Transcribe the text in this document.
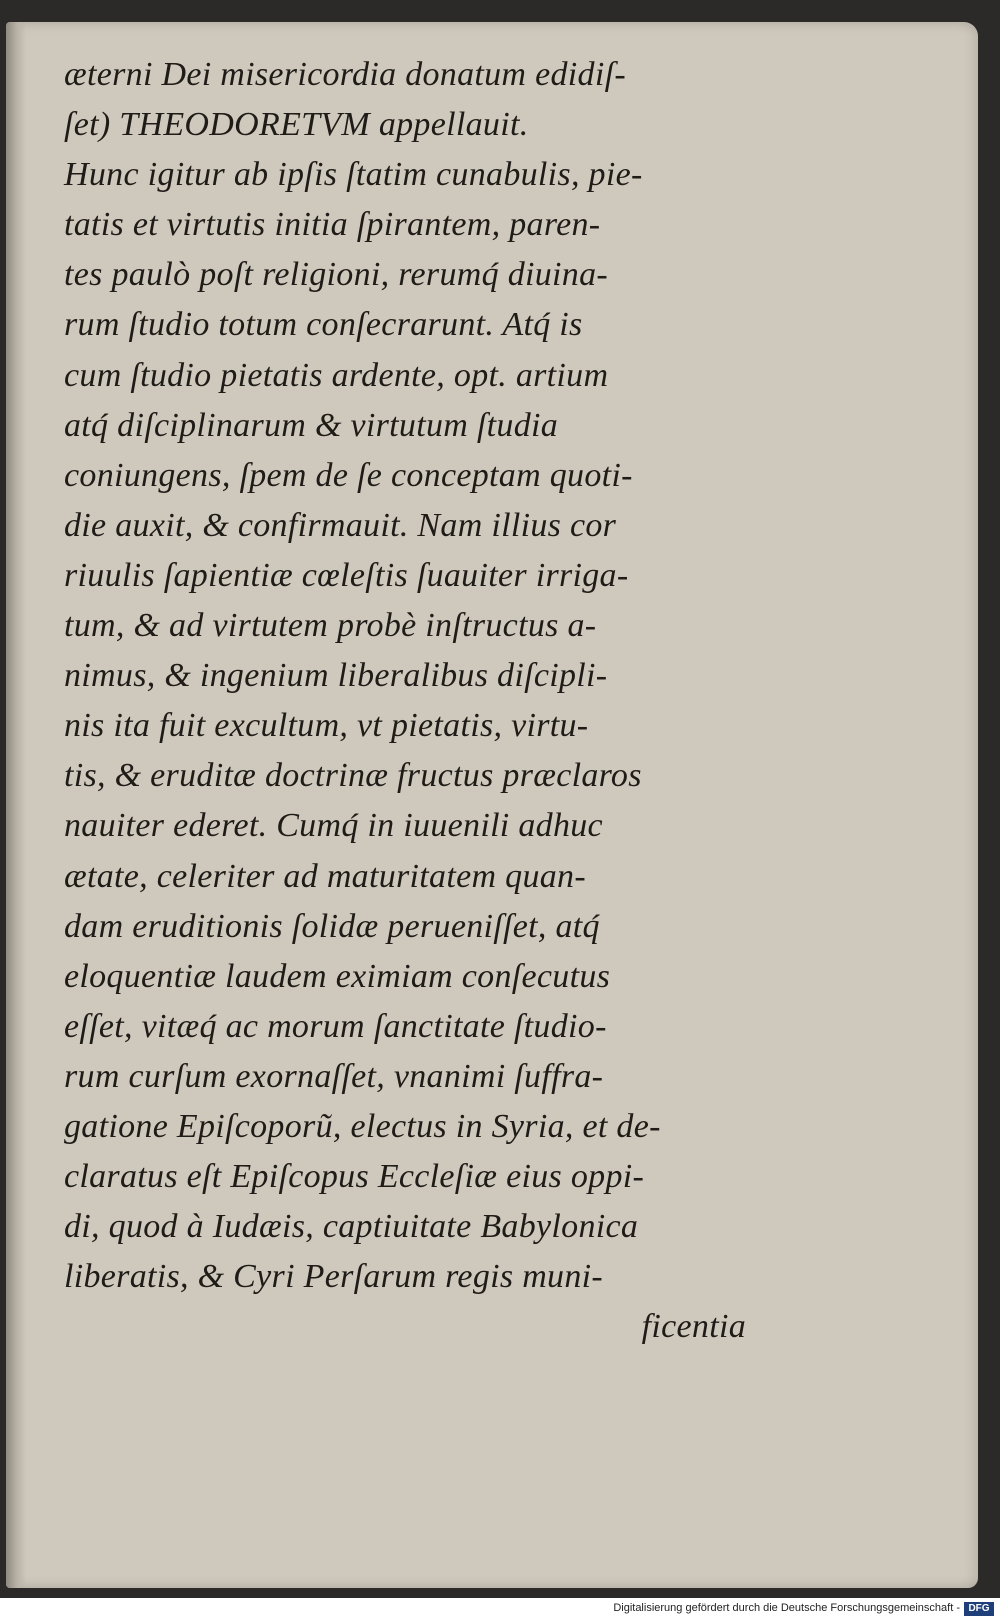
æterni Dei misericordia donatum edidiſ-
ſet) THEODORETVM appellauit.
Hunc igitur ab ipſis ſtatim cunabulis, pie-
tatis et virtutis initia ſpirantem, paren-
tes paulò poſt religioni, rerumq́ diuina-
rum ſtudio totum conſecrarunt. Atq́ is
cum ſtudio pietatis ardente, opt. artium
atq́ diſciplinarum & virtutum ſtudia
coniungens, ſpem de ſe conceptam quoti-
die auxit, & confirmauit. Nam illius cor
riuulis ſapientiæ cœleſtis ſuauiter irriga-
tum, & ad virtutem probè inſtructus a-
nimus, & ingenium liberalibus diſcipli-
nis ita fuit excultum, vt pietatis, virtu-
tis, & eruditæ doctrinæ fructus præclaros
nauiter ederet. Cumq́ in iuuenili adhuc
ætate, celeriter ad maturitatem quan-
dam eruditionis ſolidæ perueniſſet, atq́
eloquentiæ laudem eximiam conſecutus
eſſet, vitæq́ ac morum ſanctitate ſtudio-
rum curſum exornaſſet, vnanimi ſuffra-
gatione Epiſcoporũ, electus in Syria, et de-
claratus eſt Epiſcopus Eccleſiæ eius oppi-
di, quod à Iudæis, captiuitate Babylonica
liberatis, & Cyri Perſarum regis muni-
ficentia
Digitalisierung gefördert durch die Deutsche Forschungsgemeinschaft - DFG
